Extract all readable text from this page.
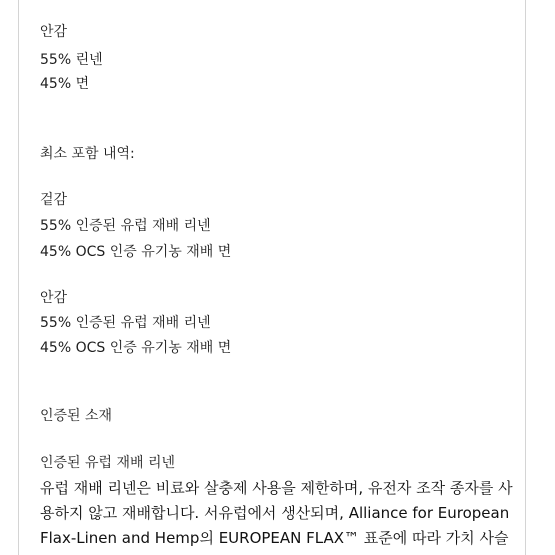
안감
55% 린넨
45% 면
최소 포함 내역:
겉감
55% 인증된 유럽 재배 리넨
45% OCS 인증 유기농 재배 면
안감
55% 인증된 유럽 재배 리넨
45% OCS 인증 유기농 재배 면
인증된 소재
인증된 유럽 재배 리넨
유럽 재배 리넨은 비료와 살충제 사용을 제한하며, 유전자 조작 종자를 사
용하지 않고 재배합니다. 서유럽에서 생산되며, Alliance for European
Flax-Linen and Hemp의 EUROPEAN FLAX™ 표준에 따라 가치 사슬
